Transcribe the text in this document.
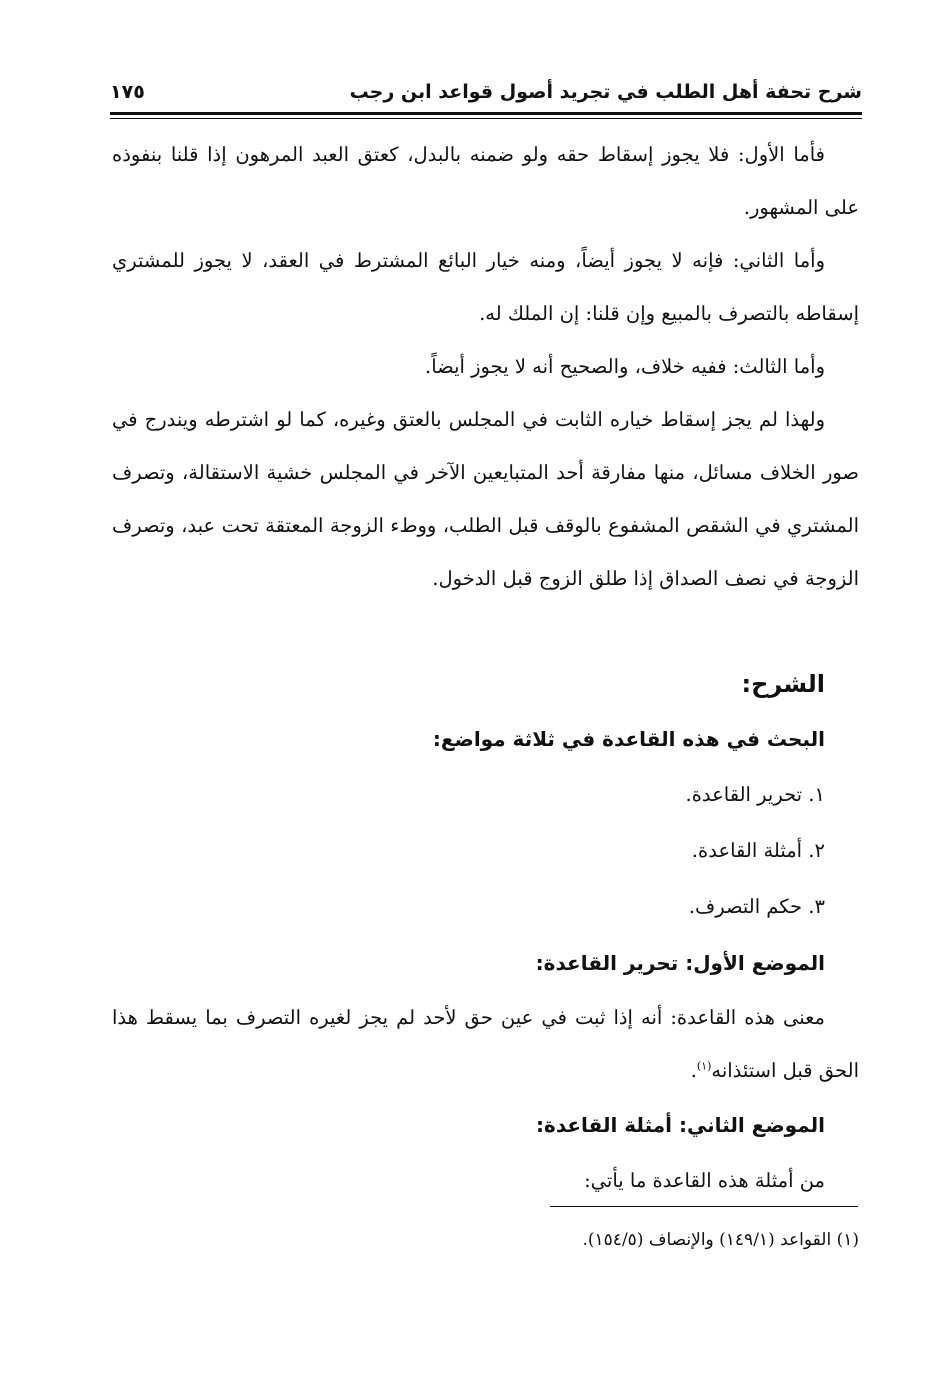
شرح تحفة أهل الطلب في تجريد أصول قواعد ابن رجب
١٧٥

فأما الأول: فلا يجوز إسقاط حقه ولو ضمنه بالبدل، كعتق العبد المرهون إذا قلنا بنفوذه على المشهور.

وأما الثاني: فإنه لا يجوز أيضاً، ومنه خيار البائع المشترط في العقد، لا يجوز للمشتري إسقاطه بالتصرف بالمبيع وإن قلنا: إن الملك له.

وأما الثالث: ففيه خلاف، والصحيح أنه لا يجوز أيضاً.

ولهذا لم يجز إسقاط خياره الثابت في المجلس بالعتق وغيره، كما لو اشترطه ويندرج في صور الخلاف مسائل، منها مفارقة أحد المتبايعين الآخر في المجلس خشية الاستقالة، وتصرف المشتري في الشقص المشفوع بالوقف قبل الطلب، ووطء الزوجة المعتقة تحت عبد، وتصرف الزوجة في نصف الصداق إذا طلق الزوج قبل الدخول.

الشرح:

البحث في هذه القاعدة في ثلاثة مواضع:

١. تحرير القاعدة.

٢. أمثلة القاعدة.

٣. حكم التصرف.

الموضع الأول: تحرير القاعدة:

معنى هذه القاعدة: أنه إذا ثبت في عين حق لأحد لم يجز لغيره التصرف بما يسقط هذا الحق قبل استئذانه$^{(١)}$.

الموضع الثاني: أمثلة القاعدة:

من أمثلة هذه القاعدة ما يأتي:

(١) القواعد (١٤٩/١) والإنصاف (١٥٤/٥).
